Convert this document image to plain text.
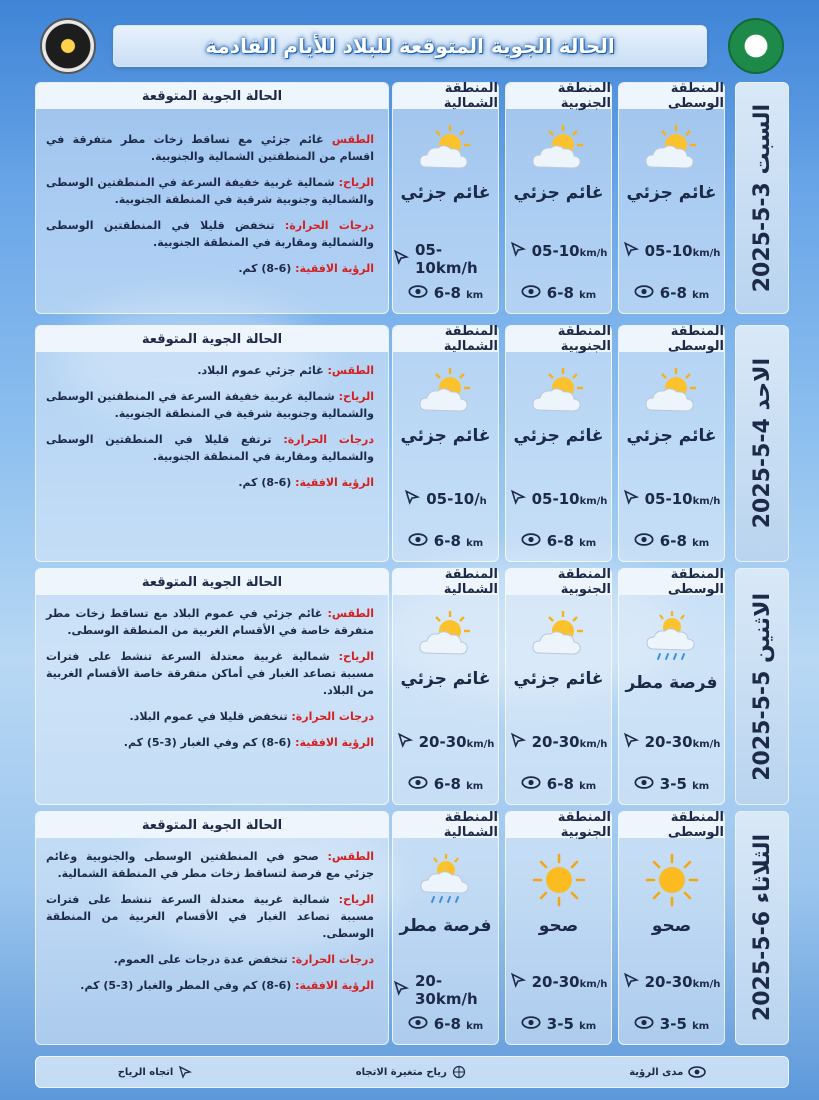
الحالة الجوية المتوقعة للبلاد للأيام القادمة
السبت 3-5-2025
المنطقة الوسطى
غائم جزئي
05-10km/h
6-8 km
المنطقة الجنوبية
غائم جزئي
05-10km/h
6-8 km
المنطقة الشمالية
غائم جزئي
05-10km/h
6-8 km
الحالة الجوية المتوقعة

الطقس غائم جزئي مع تساقط زخات مطر متفرقة في اقسام من المنطقتين الشمالية والجنوبية.

الرياح: شمالية غربية خفيفة السرعة في المنطقتين الوسطى والشمالية وجنوبية شرقية في المنطقة الجنوبية.

درجات الحرارة: تنخفض قليلا في المنطقتين الوسطى والشمالية ومقاربة في المنطقة الجنوبية.

الرؤية الافقية: (6-8) كم.

الاحد 4-5-2025
المنطقة الوسطى
غائم جزئي
05-10km/h
6-8 km
المنطقة الجنوبية
غائم جزئي
05-10km/h
6-8 km
المنطقة الشمالية
غائم جزئي
05-10/h
6-8 km
الحالة الجوية المتوقعة

الطقس: غائم جزئي عموم البلاد.

الرياح: شمالية غربية خفيفة السرعة في المنطقتين الوسطى والشمالية وجنوبية شرقية في المنطقة الجنوبية.

درجات الحرارة: ترتفع قليلا في المنطقتين الوسطى والشمالية ومقاربة في المنطقة الجنوبية.

الرؤية الافقية: (6-8) كم.

الاثنين 5-5-2025
المنطقة الوسطى
فرصة مطر
20-30km/h
3-5 km
المنطقة الجنوبية
غائم جزئي
20-30km/h
6-8 km
المنطقة الشمالية
غائم جزئي
20-30km/h
6-8 km
الحالة الجوية المتوقعة

الطقس: غائم جزئي في عموم البلاد مع تساقط زخات مطر متفرقة خاصة في الأقسام الغربية من المنطقة الوسطى.

الرياح: شمالية غربية معتدلة السرعة تنشط على فترات مسببة تصاعد الغبار في أماكن متفرقة خاصة الأقسام الغربية من البلاد.

درجات الحرارة: تنخفض قليلا في عموم البلاد.

الرؤية الافقية: (6-8) كم وفي الغبار (3-5) كم.

الثلاثاء 6-5-2025
المنطقة الوسطى
صحو
20-30km/h
3-5 km
المنطقة الجنوبية
صحو
20-30km/h
3-5 km
المنطقة الشمالية
فرصة مطر
20-30km/h
6-8 km
الحالة الجوية المتوقعة

الطقس: صحو في المنطقتين الوسطى والجنوبية وغائم جزئي مع فرصة لتساقط زخات مطر في المنطقة الشمالية.

الرياح: شمالية غربية معتدلة السرعة تنشط على فترات مسببة تصاعد الغبار في الأقسام الغربية من المنطقة الوسطى.

درجات الحرارة: تنخفض عدة درجات على العموم.

الرؤية الافقية: (6-8) كم وفي المطر والغبار (3-5) كم.

مدى الرؤية
رياح متغيرة الاتجاه
اتجاه الرياح
